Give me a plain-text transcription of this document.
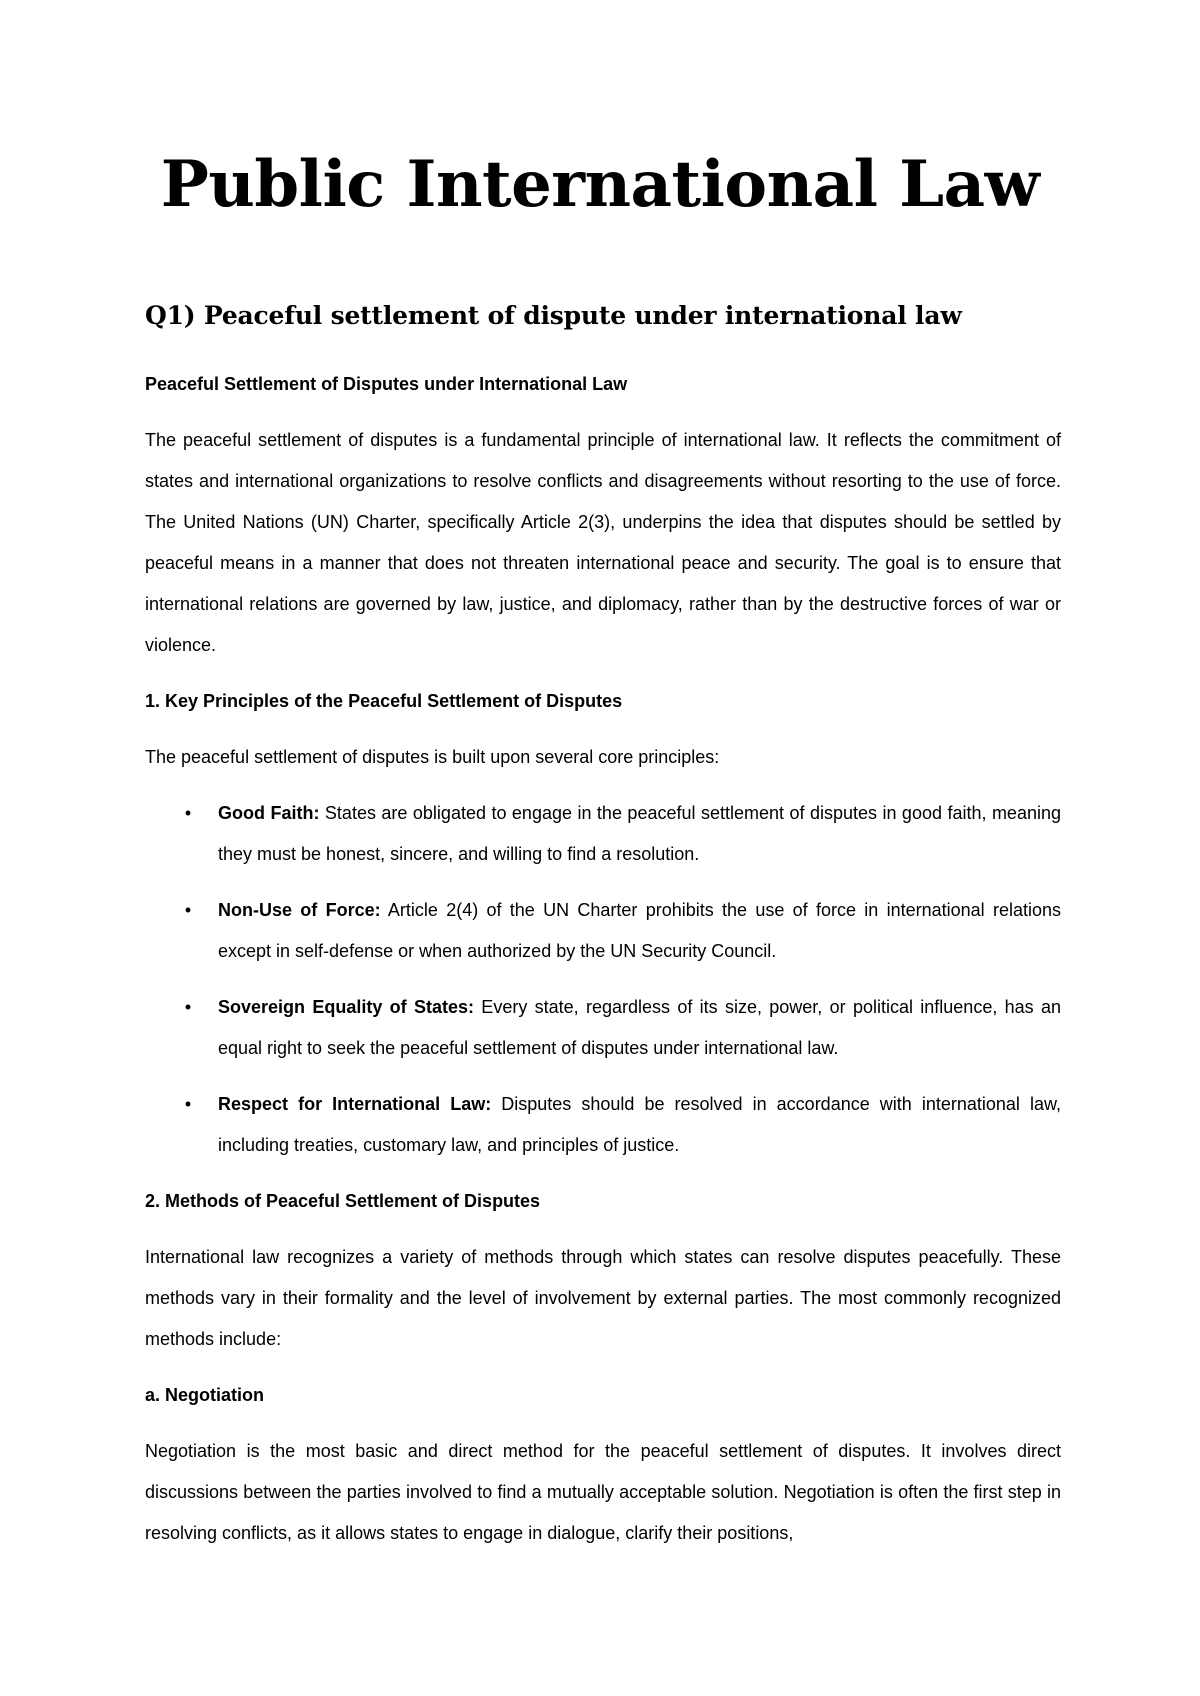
Public International Law
Q1) Peaceful settlement of dispute under international law

Peaceful Settlement of Disputes under International Law

The peaceful settlement of disputes is a fundamental principle of international law. It reflects the commitment of states and international organizations to resolve conflicts and disagreements without resorting to the use of force. The United Nations (UN) Charter, specifically Article 2(3), underpins the idea that disputes should be settled by peaceful means in a manner that does not threaten international peace and security. The goal is to ensure that international relations are governed by law, justice, and diplomacy, rather than by the destructive forces of war or violence.

1. Key Principles of the Peaceful Settlement of Disputes

The peaceful settlement of disputes is built upon several core principles:

• Good Faith: States are obligated to engage in the peaceful settlement of disputes in good faith, meaning they must be honest, sincere, and willing to find a resolution.
• Non-Use of Force: Article 2(4) of the UN Charter prohibits the use of force in international relations except in self-defense or when authorized by the UN Security Council.
• Sovereign Equality of States: Every state, regardless of its size, power, or political influence, has an equal right to seek the peaceful settlement of disputes under international law.
• Respect for International Law: Disputes should be resolved in accordance with international law, including treaties, customary law, and principles of justice.

2. Methods of Peaceful Settlement of Disputes

International law recognizes a variety of methods through which states can resolve disputes peacefully. These methods vary in their formality and the level of involvement by external parties. The most commonly recognized methods include:

a. Negotiation

Negotiation is the most basic and direct method for the peaceful settlement of disputes. It involves direct discussions between the parties involved to find a mutually acceptable solution. Negotiation is often the first step in resolving conflicts, as it allows states to engage in dialogue, clarify their positions,
